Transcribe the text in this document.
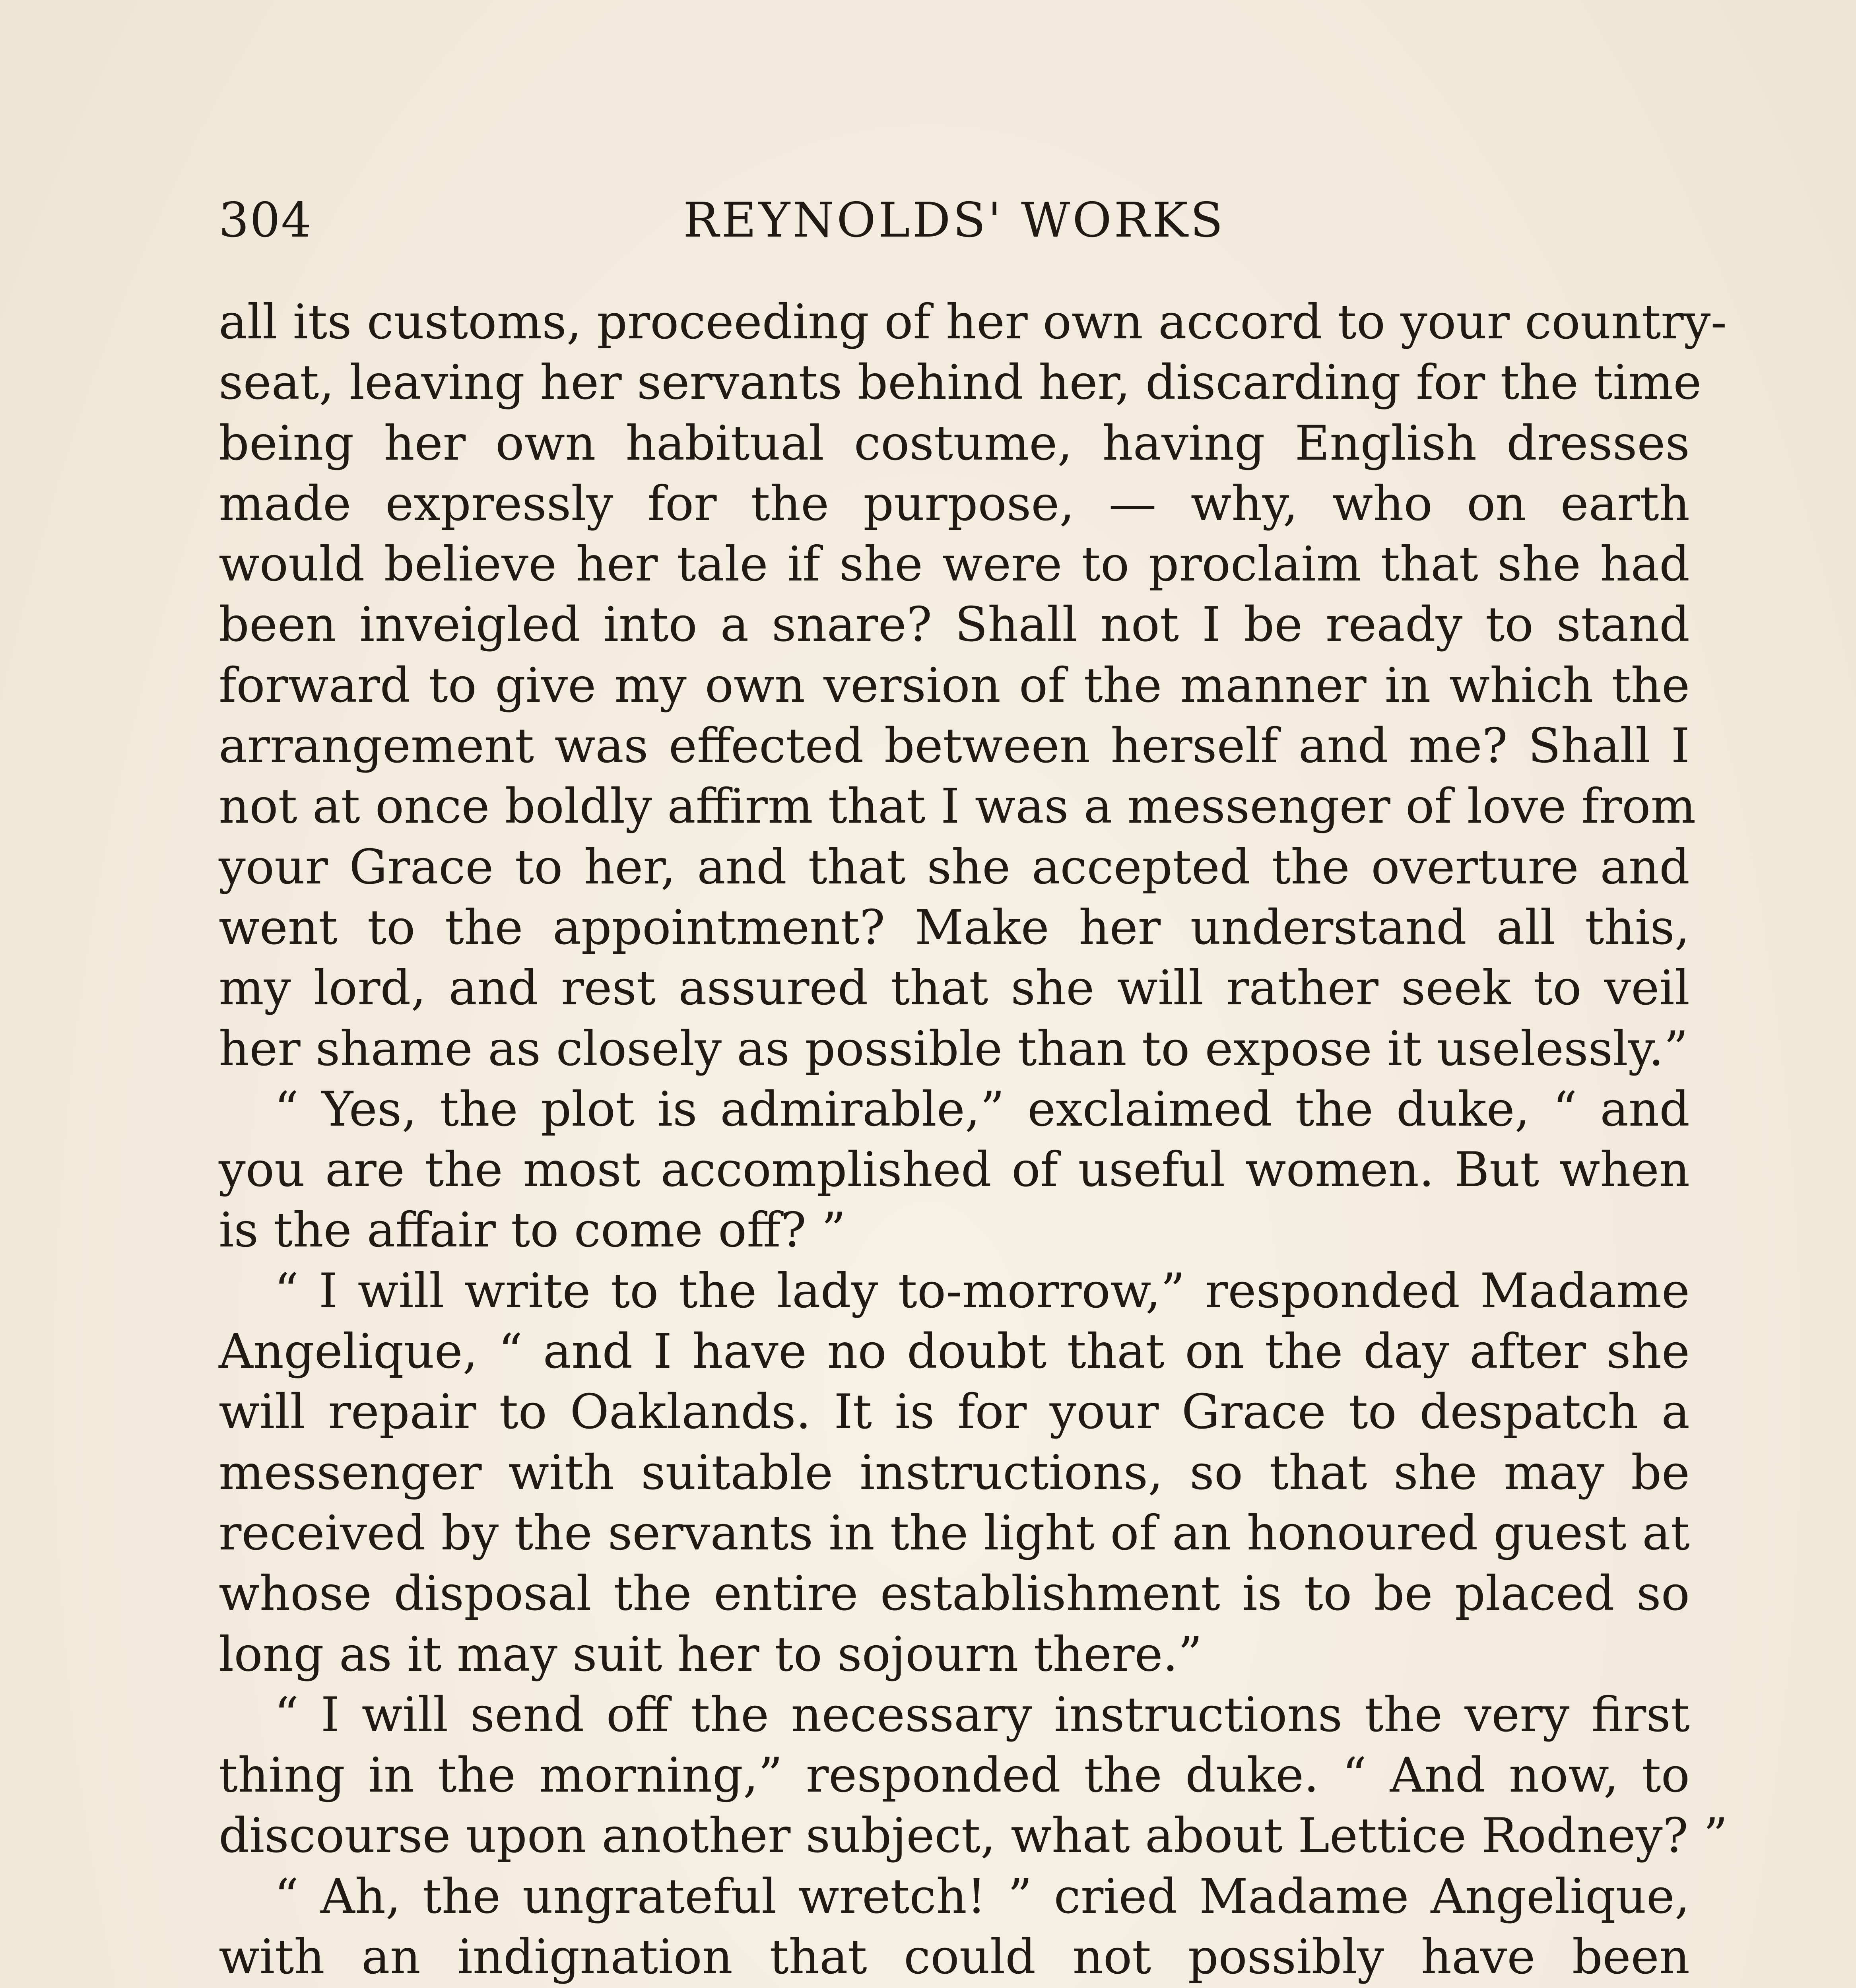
304	REYNOLDS' WORKS
all its customs, proceeding of her own accord to your country-
seat, leaving her servants behind her, discarding for the time
being her own habitual costume, having English dresses
made expressly for the purpose, — why, who on earth
would believe her tale if she were to proclaim that she had
been inveigled into a snare? Shall not I be ready to stand
forward to give my own version of the manner in which the
arrangement was effected between herself and me? Shall I
not at once boldly affirm that I was a messenger of love from
your Grace to her, and that she accepted the overture and
went to the appointment? Make her understand all this,
my lord, and rest assured that she will rather seek to veil
her shame as closely as possible than to expose it uselessly.”
“ Yes, the plot is admirable,” exclaimed the duke, “ and
you are the most accomplished of useful women. But when
is the affair to come off? ”
“ I will write to the lady to-morrow,” responded Madame
Angelique, “ and I have no doubt that on the day after she
will repair to Oaklands. It is for your Grace to despatch a
messenger with suitable instructions, so that she may be
received by the servants in the light of an honoured guest at
whose disposal the entire establishment is to be placed so
long as it may suit her to sojourn there.”
“ I will send off the necessary instructions the very first
thing in the morning,” responded the duke. “ And now, to
discourse upon another subject, what about Lettice Rodney? ”
“ Ah, the ungrateful wretch! ” cried Madame Angelique,
with an indignation that could not possibly have been
